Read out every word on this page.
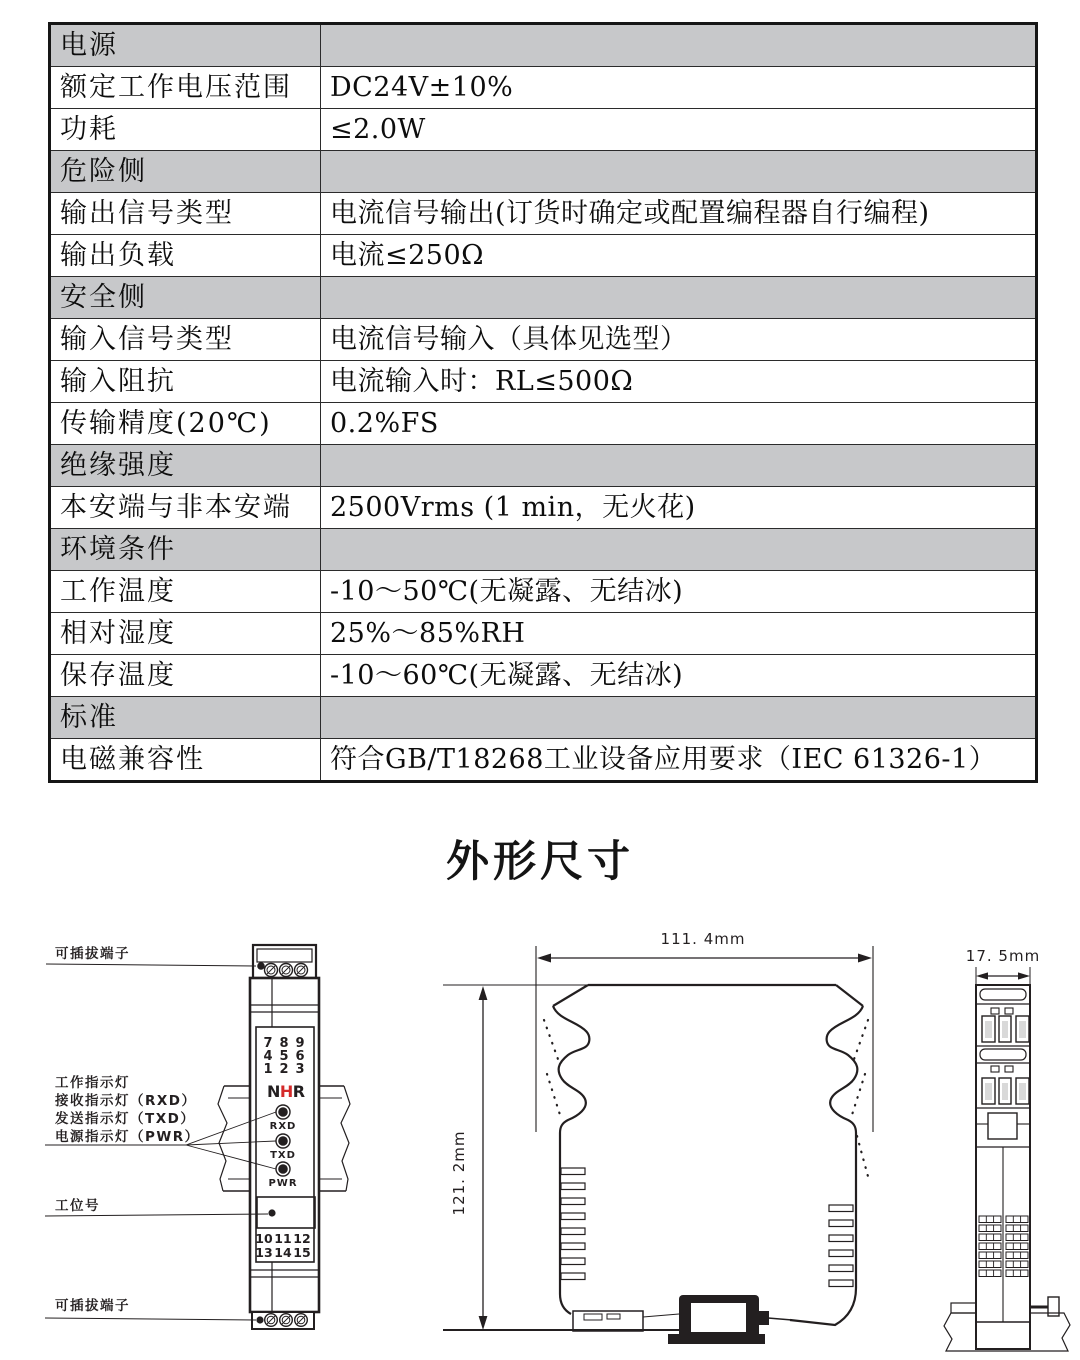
电源	
额定工作电压范围	DC24V±10%
功耗	≤2.0W
危险侧	
输出信号类型	电流信号输出(订货时确定或配置编程器自行编程)
输出负载	电流≤250Ω
安全侧	
输入信号类型	电流信号输入（具体见选型）
输入阻抗	电流输入时：RL≤500Ω
传输精度(20℃)	0.2%FS
绝缘强度	
本安端与非本安端	2500Vrms (1 min，无火花)
环境条件	
工作温度	-10～50℃(无凝露、无结冰)
相对湿度	25%～85%RH
保存温度	-10～60℃(无凝露、无结冰)
标准	
电磁兼容性	符合GB/T18268工业设备应用要求（IEC 61326-1）
外形尺寸
7 8 9
4 5 6
1 2 3
NHR
RXD
TXD
PWR
10 11 12
13 14 15
可插拔端子
工作指示灯
接收指示灯（RXD）
发送指示灯（TXD）
电源指示灯（PWR）
工位号
可插拔端子
111. 4mm
121. 2mm
17. 5mm
